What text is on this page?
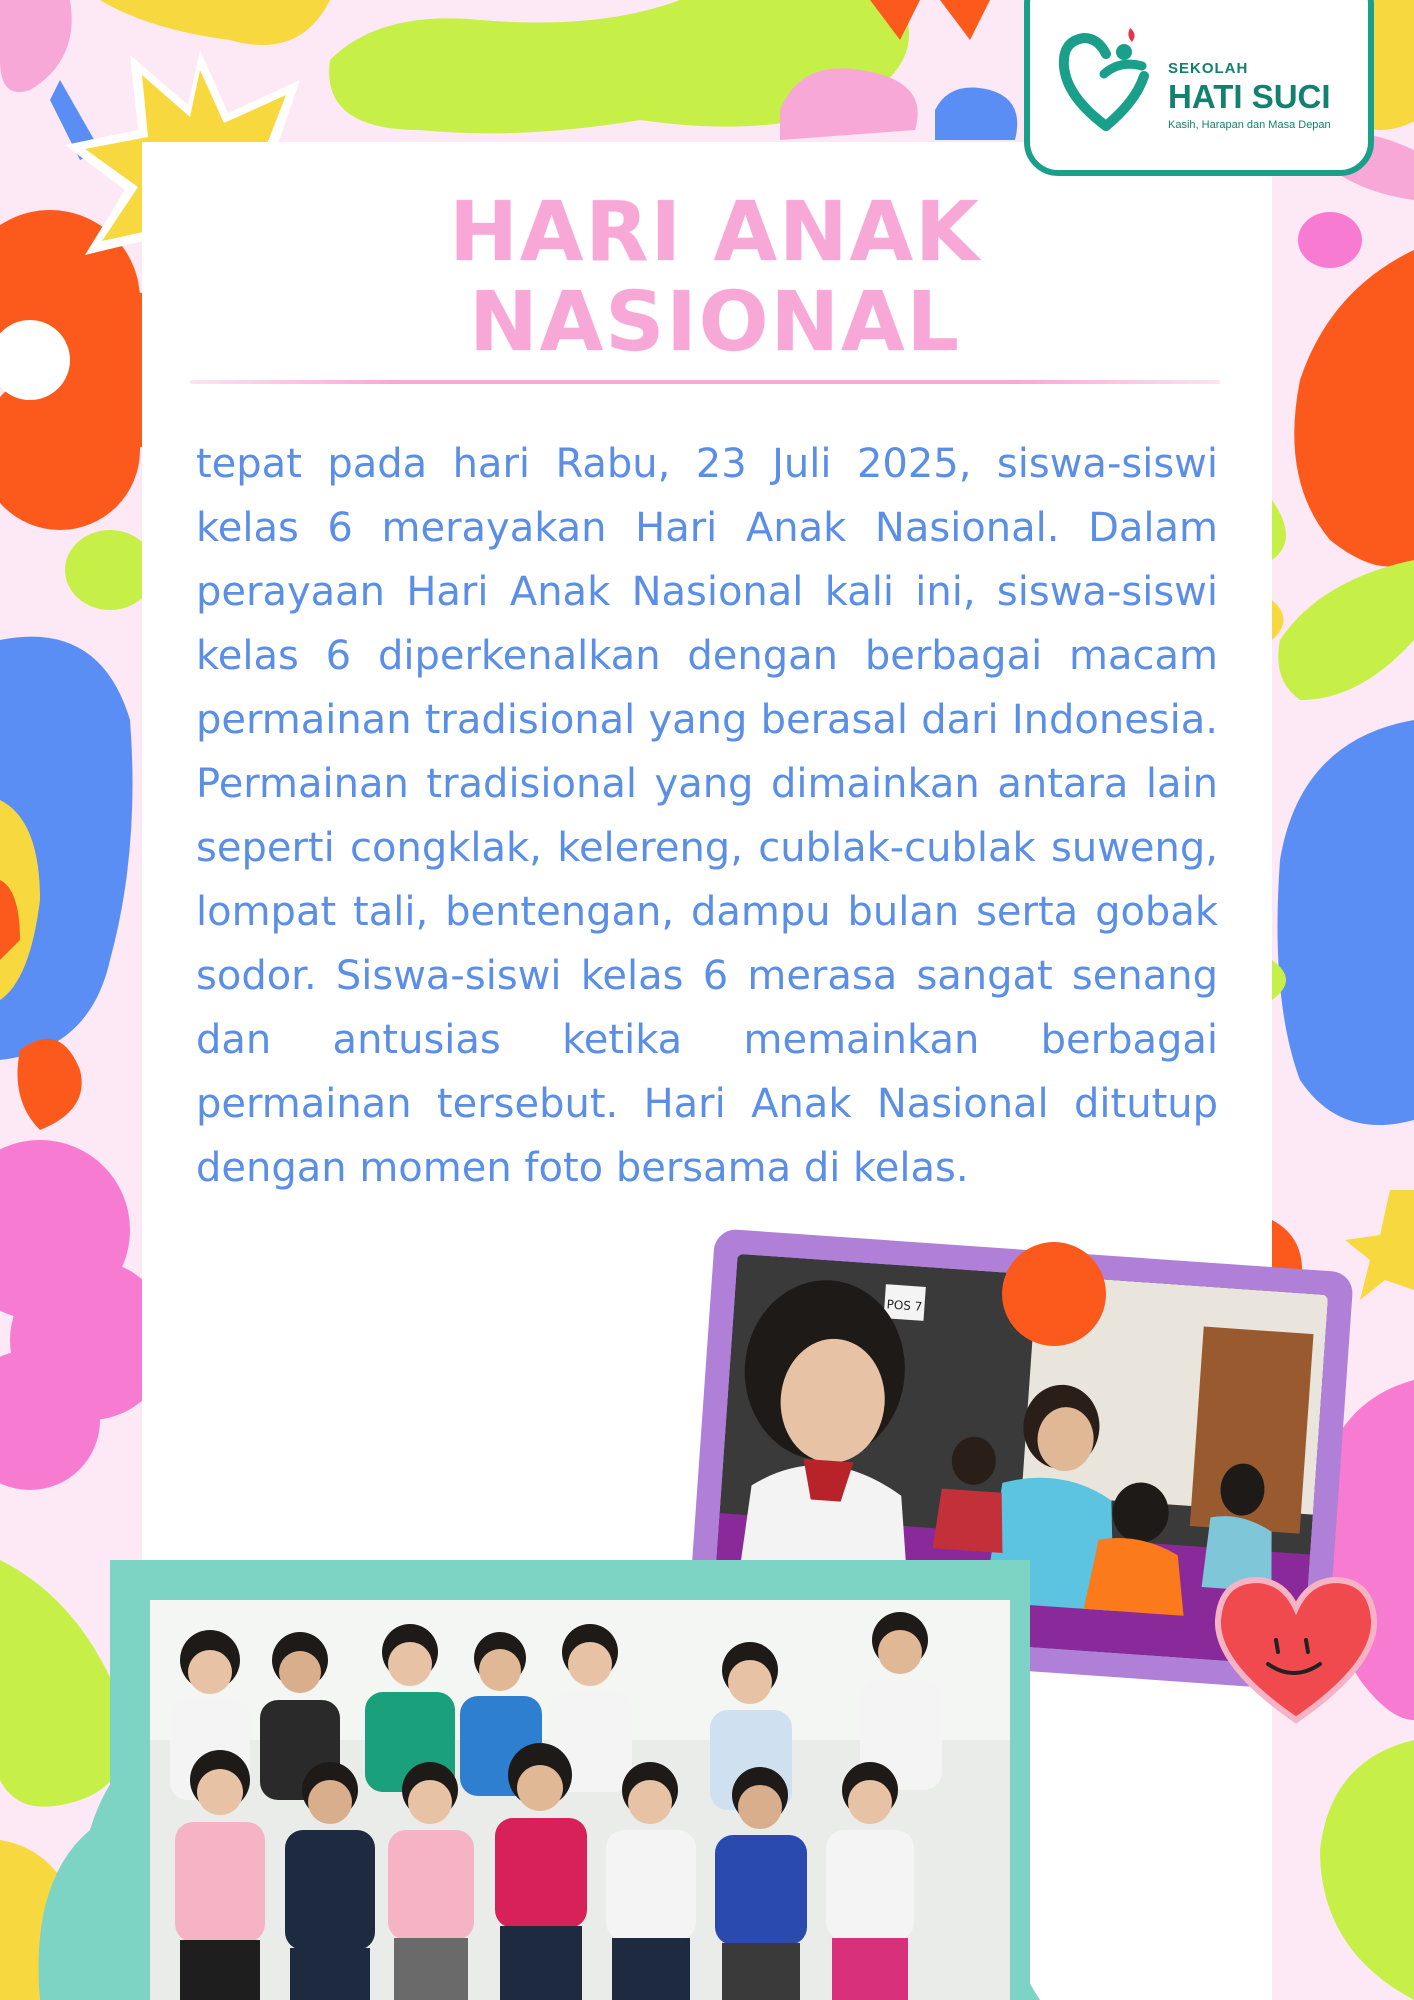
SEKOLAH
HATI SUCI
Kasih, Harapan dan Masa Depan
HARI ANAK
NASIONAL
tepat pada hari Rabu, 23 Juli 2025, siswa-siswi kelas 6 merayakan Hari Anak Nasional. Dalam perayaan Hari Anak Nasional kali ini, siswa-siswi kelas 6 diperkenalkan dengan berbagai macam permainan tradisional yang berasal dari Indonesia. Permainan tradisional yang dimainkan antara lain seperti congklak, kelereng, cublak-cublak suweng, lompat tali, bentengan, dampu bulan serta gobak sodor. Siswa-siswi kelas 6 merasa sangat senang dan antusias ketika memainkan berbagai permainan tersebut. Hari Anak Nasional ditutup dengan momen foto bersama di kelas.
POS 7
